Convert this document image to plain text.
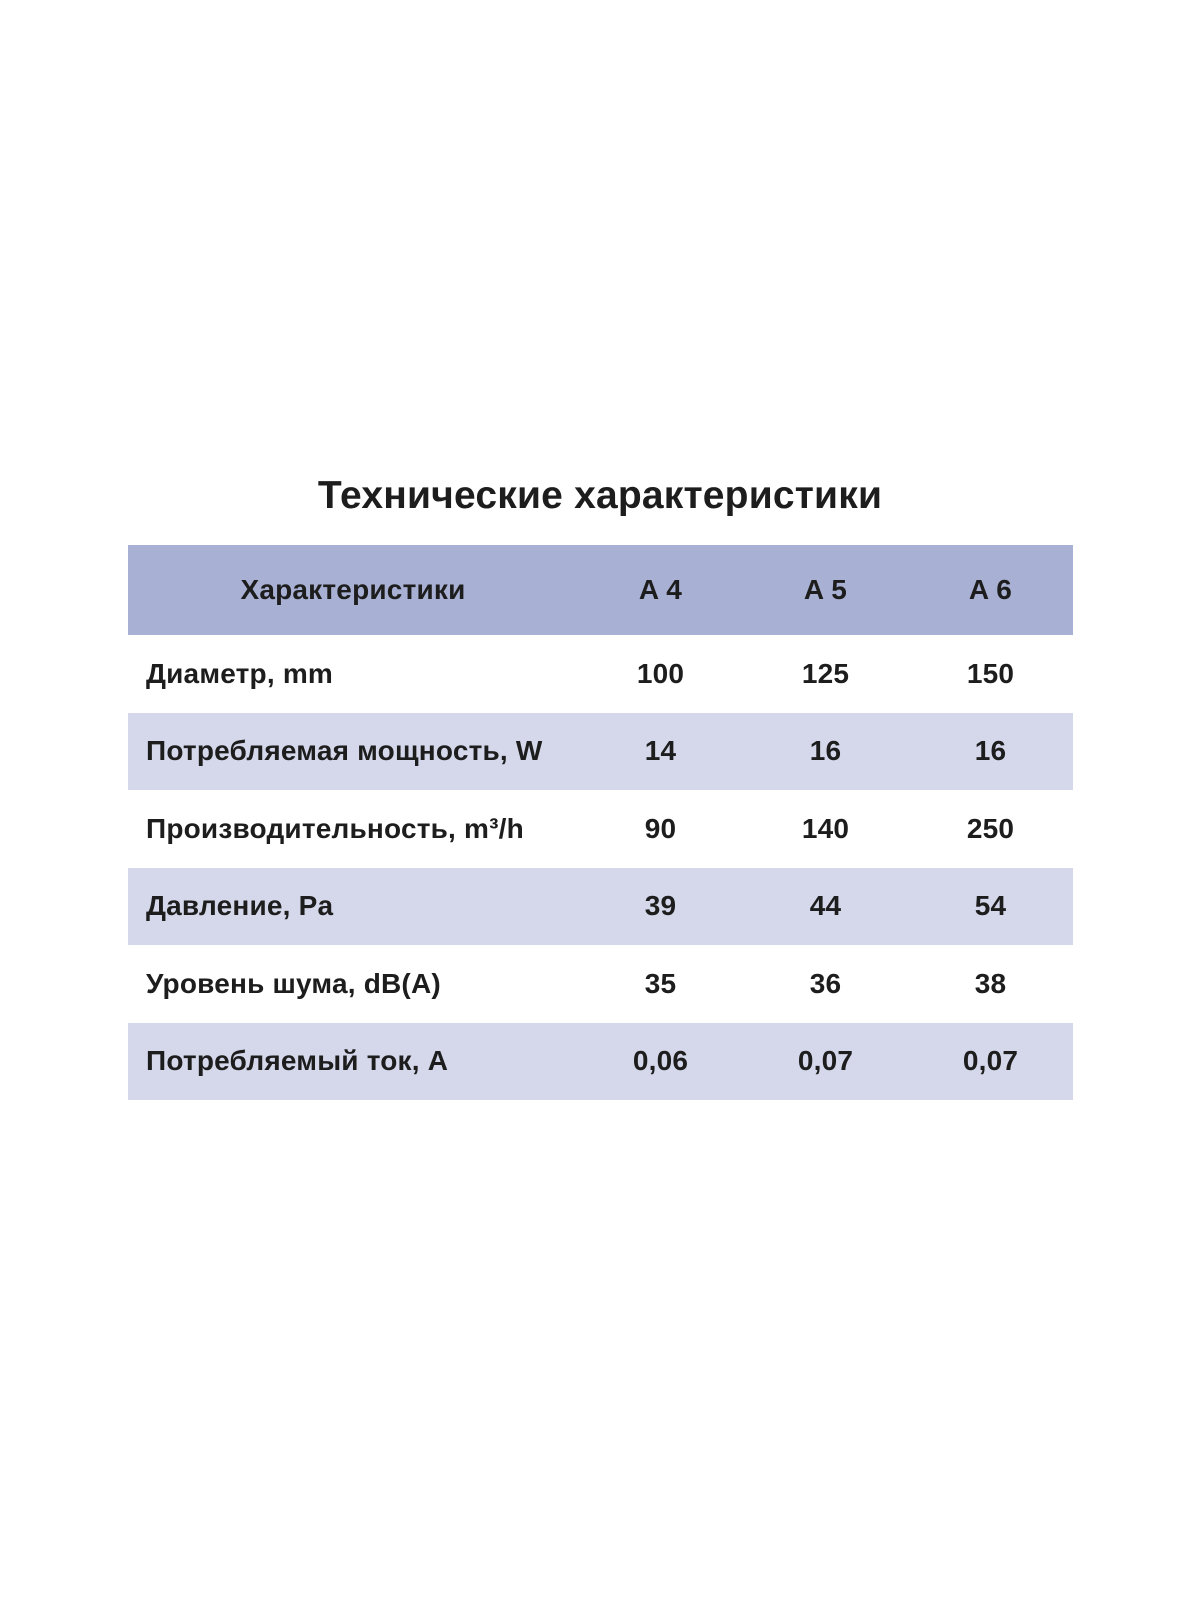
Технические характеристики
Характеристики	A 4	A 5	A 6
Диаметр, mm	100	125	150
Потребляемая мощность, W	14	16	16
Производительность, m³/h	90	140	250
Давление, Pa	39	44	54
Уровень шума, dB(A)	35	36	38
Потребляемый ток, A	0,06	0,07	0,07
